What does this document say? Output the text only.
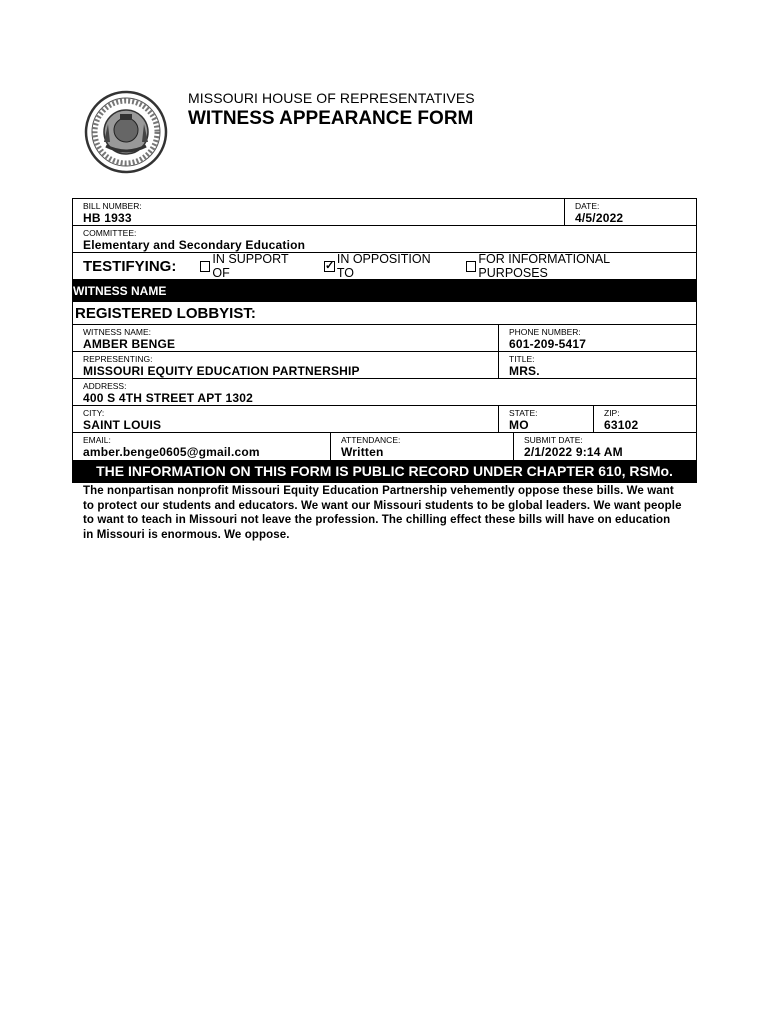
MISSOURI HOUSE OF REPRESENTATIVES
WITNESS APPEARANCE FORM
BILL NUMBER:
HB 1933
DATE:
4/5/2022
COMMITTEE:
Elementary and Secondary Education
TESTIFYING:	IN SUPPORT OF
✓
IN OPPOSITION TO
FOR INFORMATIONAL PURPOSES
WITNESS NAME
REGISTERED LOBBYIST:
WITNESS NAME:
AMBER BENGE
PHONE NUMBER:
601-209-5417
REPRESENTING:
MISSOURI EQUITY EDUCATION PARTNERSHIP
TITLE:
MRS.
ADDRESS:
400 S 4TH STREET APT 1302
CITY:
SAINT LOUIS
STATE:
MO
ZIP:
63102
EMAIL:
amber.benge0605@gmail.com
ATTENDANCE:
Written
SUBMIT DATE:
2/1/2022 9:14 AM
THE INFORMATION ON THIS FORM IS PUBLIC RECORD UNDER CHAPTER 610, RSMo.
The nonpartisan nonprofit Missouri Equity Education Partnership vehemently oppose these bills. We want to protect our students and educators. We want our Missouri students to be global leaders. We want people to want to teach in Missouri not leave the profession. The chilling effect these bills will have on education in Missouri is enormous. We oppose.
